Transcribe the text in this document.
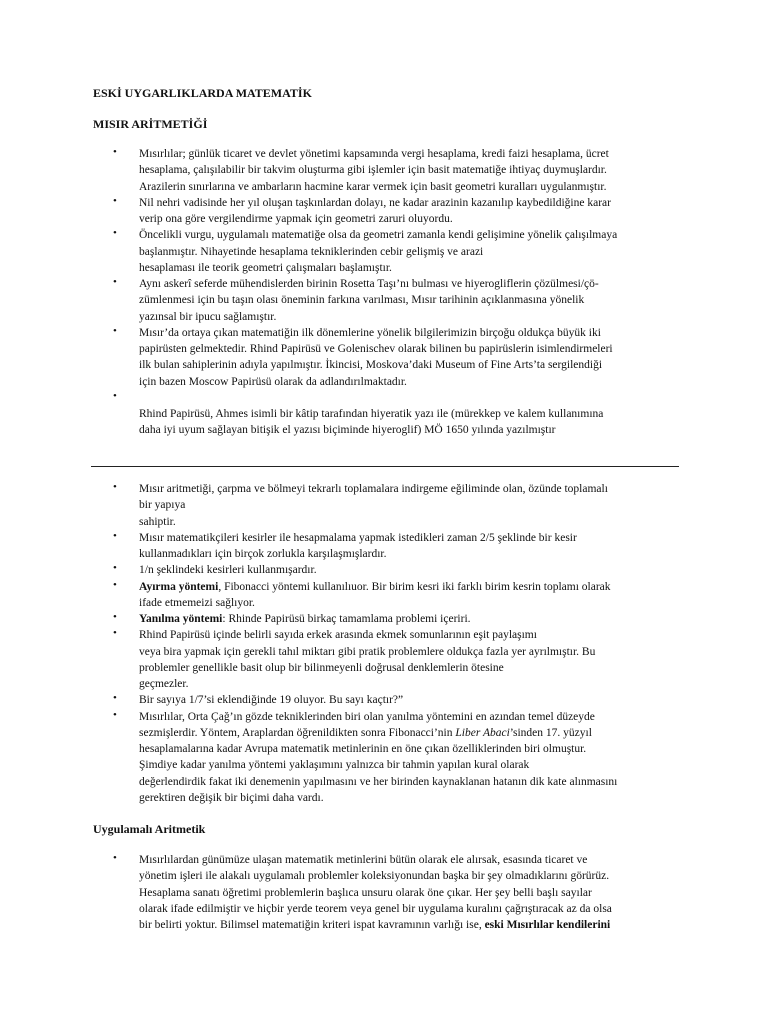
ESKİ UYGARLIKLARDA MATEMATİK
MISIR ARİTMETİĞİ
• Mısırlılar; günlük ticaret ve devlet yönetimi kapsamında vergi hesaplama, kredi faizi hesaplama, ücret
hesaplama, çalışılabilir bir takvim oluşturma gibi işlemler için basit matematiğe ihtiyaç duymuşlardır.
Arazilerin sınırlarına ve ambarların hacmine karar vermek için basit geometri kuralları uygulanmıştır.
• Nil nehri vadisinde her yıl oluşan taşkınlardan dolayı, ne kadar arazinin kazanılıp kaybedildiğine karar
verip ona göre vergilendirme yapmak için geometri zaruri oluyordu.
• Öncelikli vurgu, uygulamalı matematiğe olsa da geometri zamanla kendi gelişimine yönelik çalışılmaya
başlanmıştır. Nihayetinde hesaplama tekniklerinden cebir gelişmiş ve arazi
hesaplaması ile teorik geometri çalışmaları başlamıştır.
• Aynı askerî seferde mühendislerden birinin Rosetta Taşı’nı bulması ve hiyerogliflerin çözülmesi/çö-
zümlenmesi için bu taşın olası öneminin farkına varılması, Mısır tarihinin açıklanmasına yönelik
yazınsal bir ipucu sağlamıştır.
• Mısır’da ortaya çıkan matematiğin ilk dönemlerine yönelik bilgilerimizin birçoğu oldukça büyük iki
papirüsten gelmektedir. Rhind Papirüsü ve Golenischev olarak bilinen bu papirüslerin isimlendirmeleri
ilk bulan sahiplerinin adıyla yapılmıştır. İkincisi, Moskova’daki Museum of Fine Arts’ta sergilendiği
için bazen Moscow Papirüsü olarak da adlandırılmaktadır.
•
Rhind Papirüsü, Ahmes isimli bir kâtip tarafından hiyeratik yazı ile (mürekkep ve kalem kullanımına
daha iyi uyum sağlayan bitişik el yazısı biçiminde hiyeroglif) MÖ 1650 yılında yazılmıştır
• Mısır aritmetiği, çarpma ve bölmeyi tekrarlı toplamalara indirgeme eğiliminde olan, özünde toplamalı
bir yapıya
sahiptir.
• Mısır matematikçileri kesirler ile hesapmalama yapmak istedikleri zaman 2/5 şeklinde bir kesir
kullanmadıkları için birçok zorlukla karşılaşmışlardır.
• 1/n şeklindeki kesirleri kullanmışardır.
• Ayırma yöntemi, Fibonacci yöntemi kullanılıuor. Bir birim kesri iki farklı birim kesrin toplamı olarak
ifade etmemeizi sağlıyor.
• Yanılma yöntemi: Rhinde Papirüsü birkaç tamamlama problemi içeriri.
• Rhind Papirüsü içinde belirli sayıda erkek arasında ekmek somunlarının eşit paylaşımı
veya bira yapmak için gerekli tahıl miktarı gibi pratik problemlere oldukça fazla yer ayrılmıştır. Bu
problemler genellikle basit olup bir bilinmeyenli doğrusal denklemlerin ötesine
geçmezler.
• Bir sayıya 1/7’si eklendiğinde 19 oluyor. Bu sayı kaçtır?”
• Mısırlılar, Orta Çağ’ın gözde tekniklerinden biri olan yanılma yöntemini en azından temel düzeyde
sezmişlerdir. Yöntem, Araplardan öğrenildikten sonra Fibonacci’nin Liber Abaci’sinden 17. yüzyıl
hesaplamalarına kadar Avrupa matematik metinlerinin en öne çıkan özelliklerinden biri olmuştur.
Şimdiye kadar yanılma yöntemi yaklaşımını yalnızca bir tahmin yapılan kural olarak
değerlendirdik fakat iki denemenin yapılmasını ve her birinden kaynaklanan hatanın dik kate alınmasını
gerektiren değişik bir biçimi daha vardı.
Uygulamalı Aritmetik
• Mısırlılardan günümüze ulaşan matematik metinlerini bütün olarak ele alırsak, esasında ticaret ve
yönetim işleri ile alakalı uygulamalı problemler koleksiyonundan başka bir şey olmadıklarını görürüz.
Hesaplama sanatı öğretimi problemlerin başlıca unsuru olarak öne çıkar. Her şey belli başlı sayılar
olarak ifade edilmiştir ve hiçbir yerde teorem veya genel bir uygulama kuralını çağrıştıracak az da olsa
bir belirti yoktur. Bilimsel matematiğin kriteri ispat kavramının varlığı ise, eski Mısırlılar kendilerini
